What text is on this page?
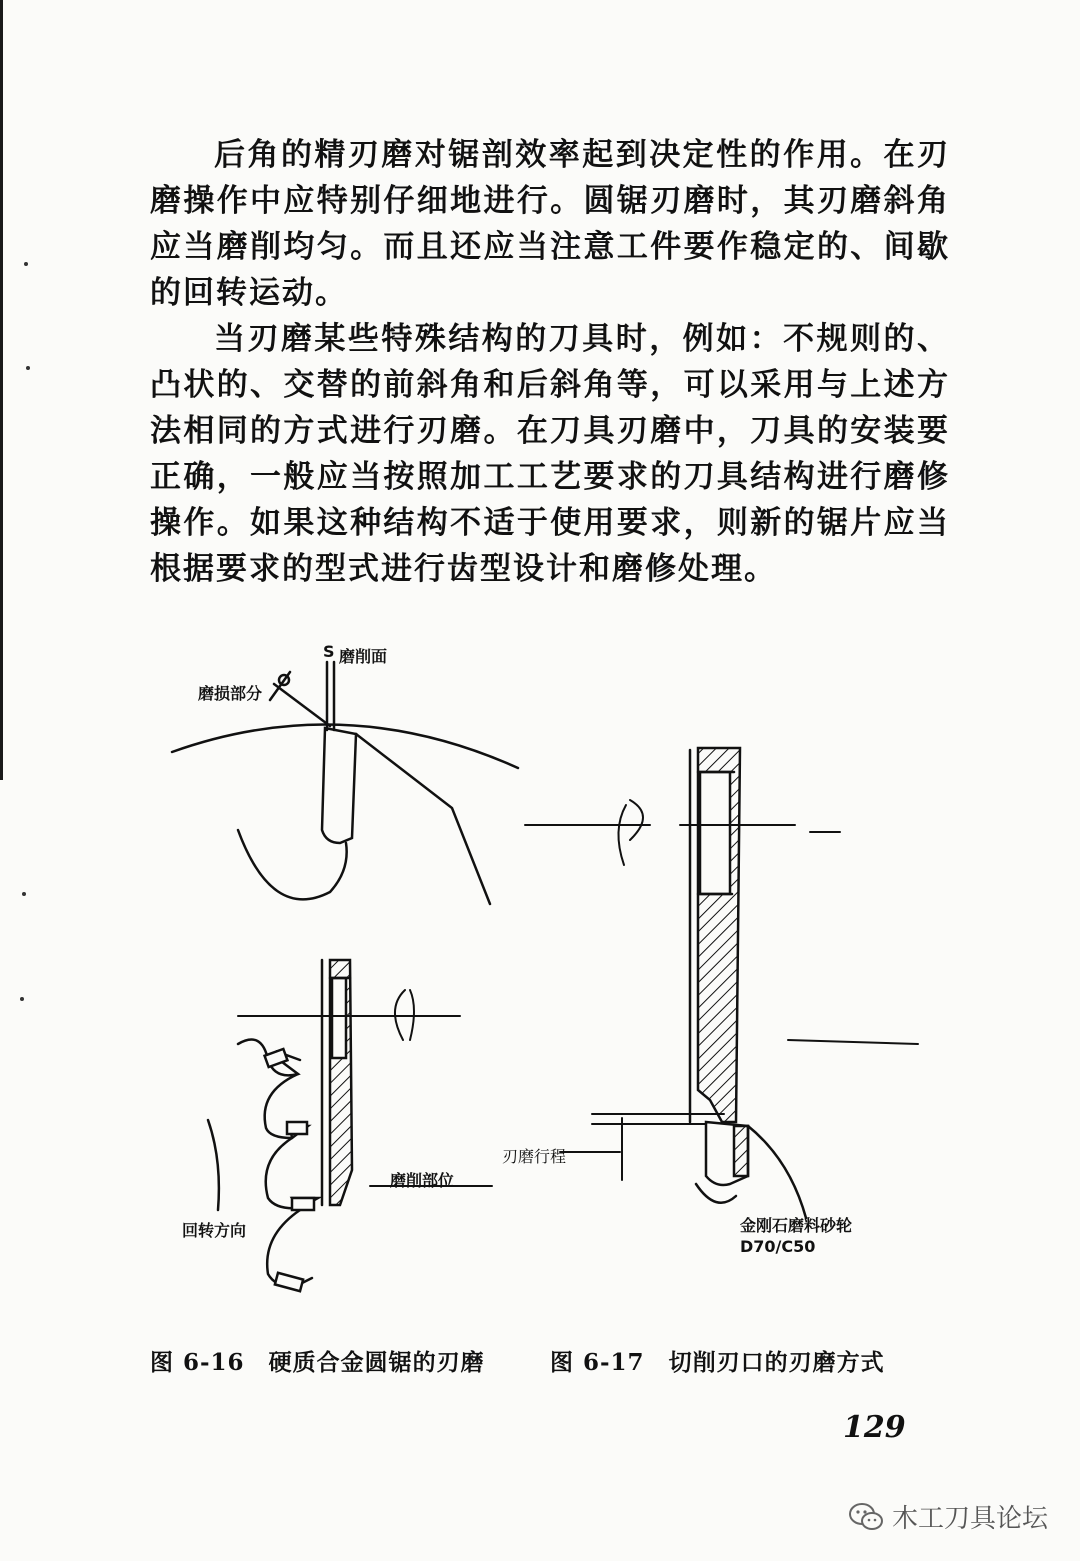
后角的精刃磨对锯剖效率起到决定性的作用。在刃磨操作中应特别仔细地进行。圆锯刃磨时，其刃磨斜角应当磨削均匀。而且还应当注意工件要作稳定的、间歇的回转运动。

当刃磨某些特殊结构的刀具时，例如：不规则的、凸状的、交替的前斜角和后斜角等，可以采用与上述方法相同的方式进行刃磨。在刀具刃磨中，刀具的安装要正确，一般应当按照加工工艺要求的刀具结构进行磨修操作。如果这种结构不适于使用要求，则新的锯片应当根据要求的型式进行齿型设计和磨修处理。

S 磨削面
磨损部分
磨削部位
回转方向
刃磨行程
金刚石磨料砂轮
D70/C50
图 6-16　硬质合金圆锯的刃磨	图 6-17　切削刃口的刃磨方式
129
木工刀具论坛
